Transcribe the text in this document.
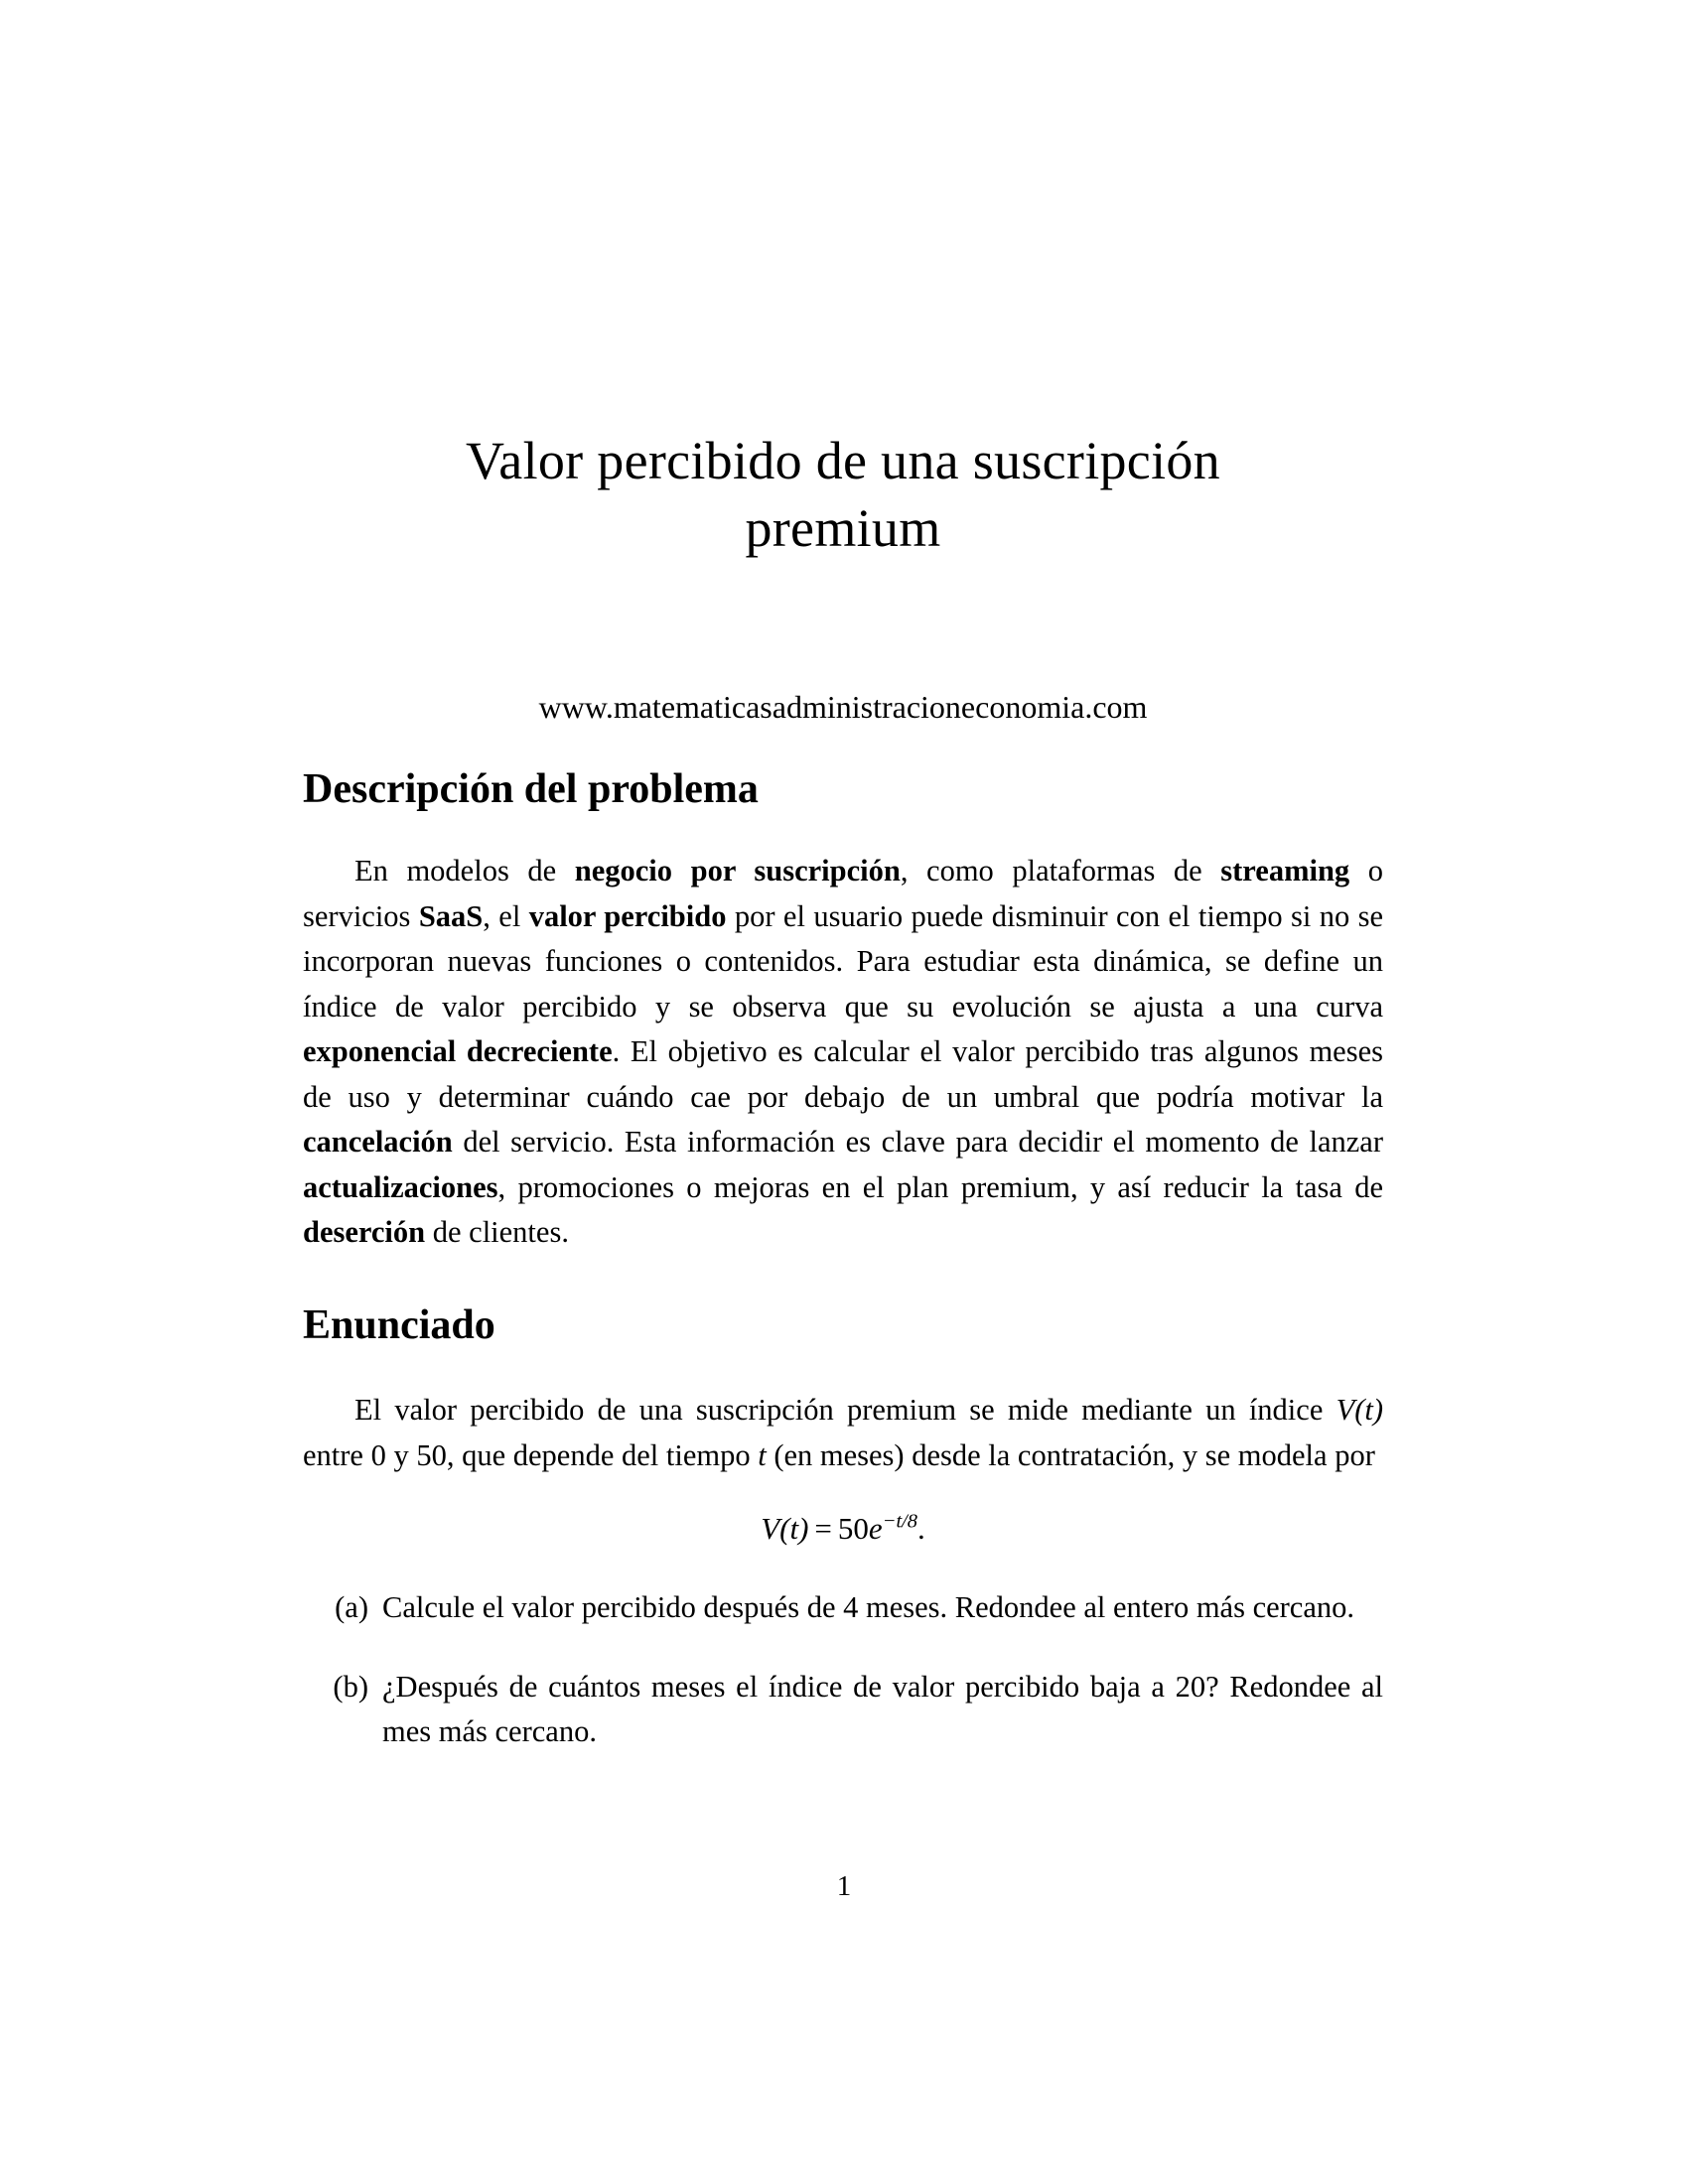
Valor percibido de una suscripción
premium
www.matematicasadministracioneconomia.com
Descripción del problema

En modelos de negocio por suscripción, como plataformas de streaming o servicios SaaS, el valor percibido por el usuario puede disminuir con el tiempo si no se incorporan nuevas funciones o contenidos. Para estudiar esta dinámica, se define un índice de valor percibido y se observa que su evolución se ajusta a una curva exponencial decreciente. El objetivo es calcular el valor percibido tras algunos meses de uso y determinar cuándo cae por debajo de un umbral que podría motivar la cancelación del servicio. Esta información es clave para decidir el momento de lanzar actualizaciones, promociones o mejoras en el plan premium, y así reducir la tasa de deserción de clientes.

Enunciado

El valor percibido de una suscripción premium se mide mediante un índice V(t) entre 0 y 50, que depende del tiempo t (en meses) desde la contratación, y se modela por

$V(t) = 50e^{-t/8}$.
(a) Calcule el valor percibido después de 4 meses. Redondee al entero más cercano.
(b) ¿Después de cuántos meses el índice de valor percibido baja a 20? Redondee al mes más cercano.
1
